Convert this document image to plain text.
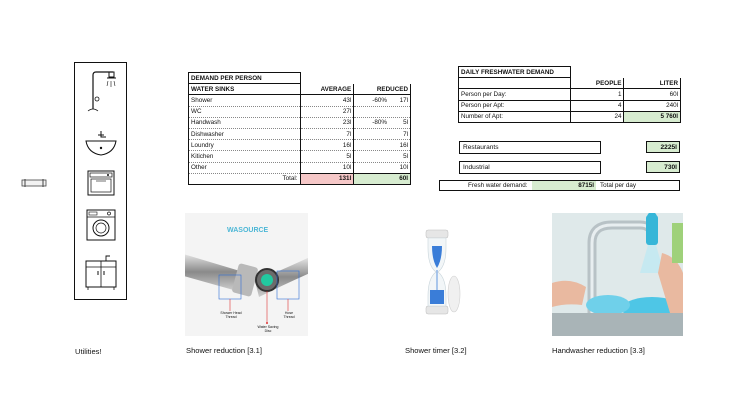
DEMAND PER PERSON		
WATER SINKS	AVERAGE	REDUCED
Shower	43l	-60% 17l

WC	27l	

Handwash	23l	-80% 5l

Dishwasher	7l	7l

Loundry	16l	16l

Kitichen	5l	5l

Other	10l	10l

Total:	131l	60l
DAILY FRESHWATER DEMAND		
	PEOPLE	LITER
Person per Day:	1	60l
Person per Apt:	4	240l
Number of Apt:	24	5 760l
Restaurants	2225l
Industrial	730l
Fresh water demand:	8715l Total per day
WASOURCE
Shower Head Thread
Hose Thread
Water Saving Disc
Utilities!	Shower reduction [3.1]	Shower timer [3.2]	Handwasher reduction [3.3]
